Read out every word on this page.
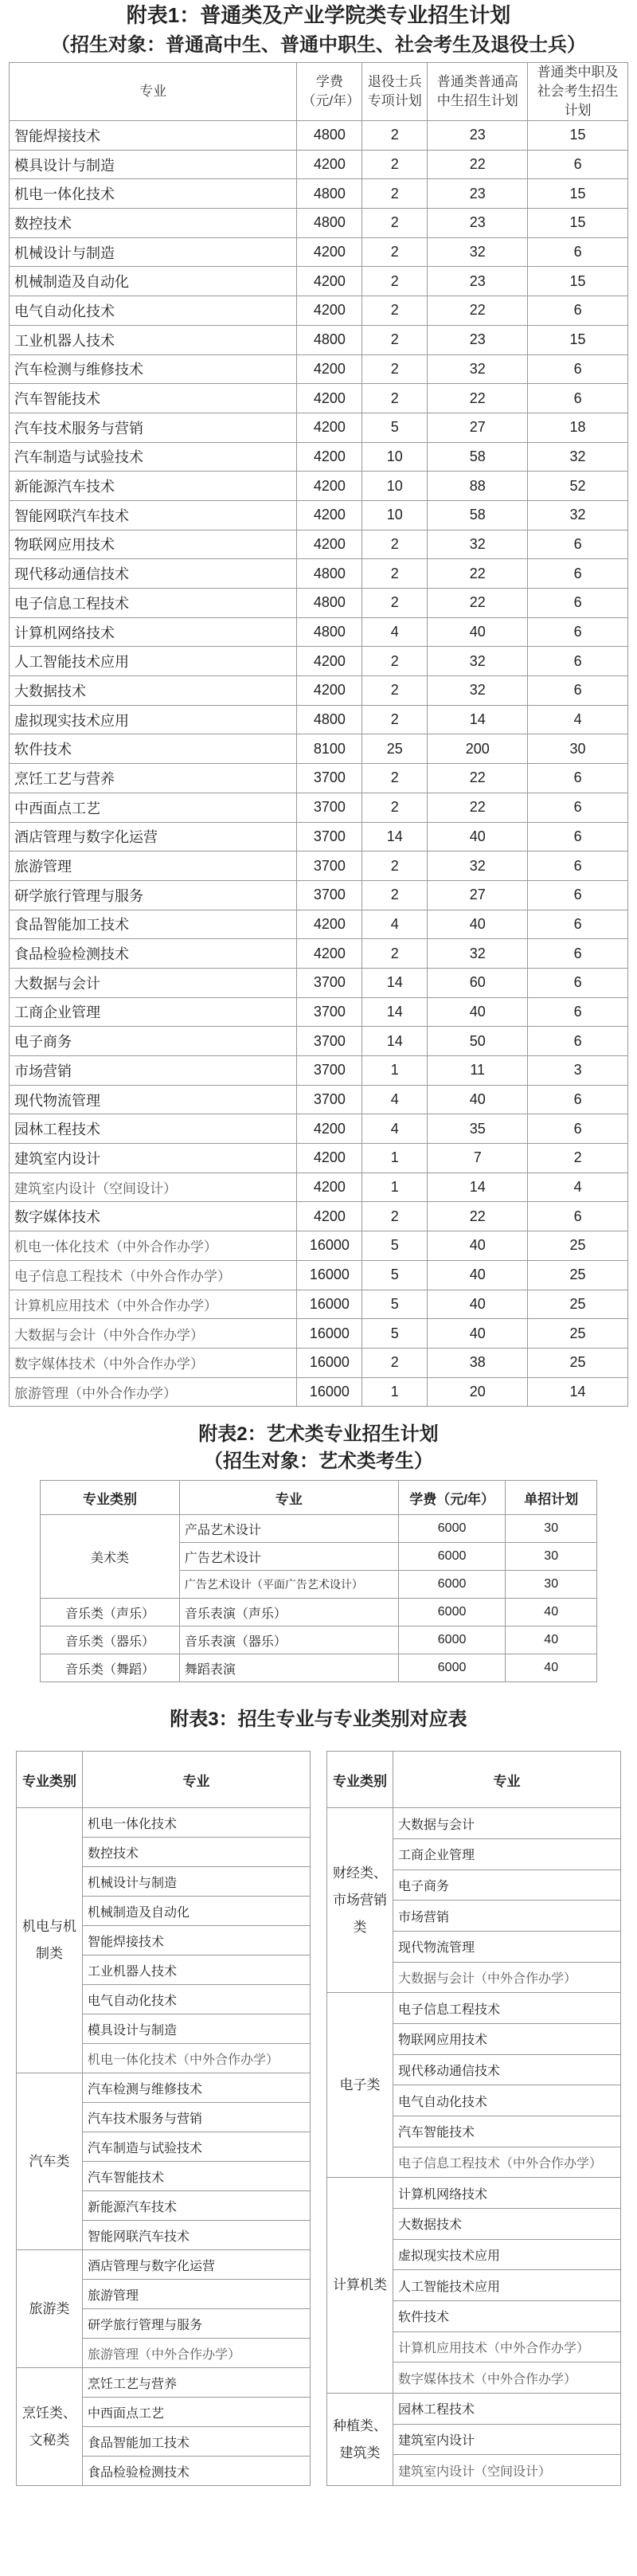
附表1：普通类及产业学院类专业招生计划
（招生对象：普通高中生、普通中职生、社会考生及退役士兵）
专业	学费（元/年）	退役士兵专项计划	普通类普通高中生招生计划	普通类中职及社会考生招生计划
智能焊接技术	4800	2	23	15
模具设计与制造	4200	2	22	6
机电一体化技术	4800	2	23	15
数控技术	4800	2	23	15
机械设计与制造	4200	2	32	6
机械制造及自动化	4200	2	23	15
电气自动化技术	4200	2	22	6
工业机器人技术	4800	2	23	15
汽车检测与维修技术	4200	2	32	6
汽车智能技术	4200	2	22	6
汽车技术服务与营销	4200	5	27	18
汽车制造与试验技术	4200	10	58	32
新能源汽车技术	4200	10	88	52
智能网联汽车技术	4200	10	58	32
物联网应用技术	4200	2	32	6
现代移动通信技术	4800	2	22	6
电子信息工程技术	4800	2	22	6
计算机网络技术	4800	4	40	6
人工智能技术应用	4200	2	32	6
大数据技术	4200	2	32	6
虚拟现实技术应用	4800	2	14	4
软件技术	8100	25	200	30
烹饪工艺与营养	3700	2	22	6
中西面点工艺	3700	2	22	6
酒店管理与数字化运营	3700	14	40	6
旅游管理	3700	2	32	6
研学旅行管理与服务	3700	2	27	6
食品智能加工技术	4200	4	40	6
食品检验检测技术	4200	2	32	6
大数据与会计	3700	14	60	6
工商企业管理	3700	14	40	6
电子商务	3700	14	50	6
市场营销	3700	1	11	3
现代物流管理	3700	4	40	6
园林工程技术	4200	4	35	6
建筑室内设计	4200	1	7	2
建筑室内设计（空间设计）	4200	1	14	4
数字媒体技术	4200	2	22	6
机电一体化技术（中外合作办学）	16000	5	40	25
电子信息工程技术（中外合作办学）	16000	5	40	25
计算机应用技术（中外合作办学）	16000	5	40	25
大数据与会计（中外合作办学）	16000	5	40	25
数字媒体技术（中外合作办学）	16000	2	38	25
旅游管理（中外合作办学）	16000	1	20	14
附表2：艺术类专业招生计划
（招生对象：艺术类考生）
专业类别	专业	学费（元/年）	单招计划
美术类	产品艺术设计	6000	30
	广告艺术设计	6000	30
	广告艺术设计（平面广告艺术设计）	6000	30
音乐类（声乐）	音乐表演（声乐）	6000	40
音乐类（器乐）	音乐表演（器乐）	6000	40
音乐类（舞蹈）	舞蹈表演	6000	40
附表3：招生专业与专业类别对应表
专业类别	专业
机电与机制类	机电一体化技术
	数控技术
	机械设计与制造
	机械制造及自动化
	智能焊接技术
	工业机器人技术
	电气自动化技术
	模具设计与制造
	机电一体化技术（中外合作办学）
汽车类	汽车检测与维修技术
	汽车技术服务与营销
	汽车制造与试验技术
	汽车智能技术
	新能源汽车技术
	智能网联汽车技术
旅游类	酒店管理与数字化运营
	旅游管理
	研学旅行管理与服务
	旅游管理（中外合作办学）
烹饪类、文秘类	烹饪工艺与营养
	中西面点工艺
	食品智能加工技术
	食品检验检测技术
专业类别	专业
财经类、市场营销类	大数据与会计
	工商企业管理
	电子商务
	市场营销
	现代物流管理
	大数据与会计（中外合作办学）
电子类	电子信息工程技术
	物联网应用技术
	现代移动通信技术
	电气自动化技术
	汽车智能技术
	电子信息工程技术（中外合作办学）
计算机类	计算机网络技术
	大数据技术
	虚拟现实技术应用
	人工智能技术应用
	软件技术
	计算机应用技术（中外合作办学）
	数字媒体技术（中外合作办学）
种植类、建筑类	园林工程技术
	建筑室内设计
	建筑室内设计（空间设计）
